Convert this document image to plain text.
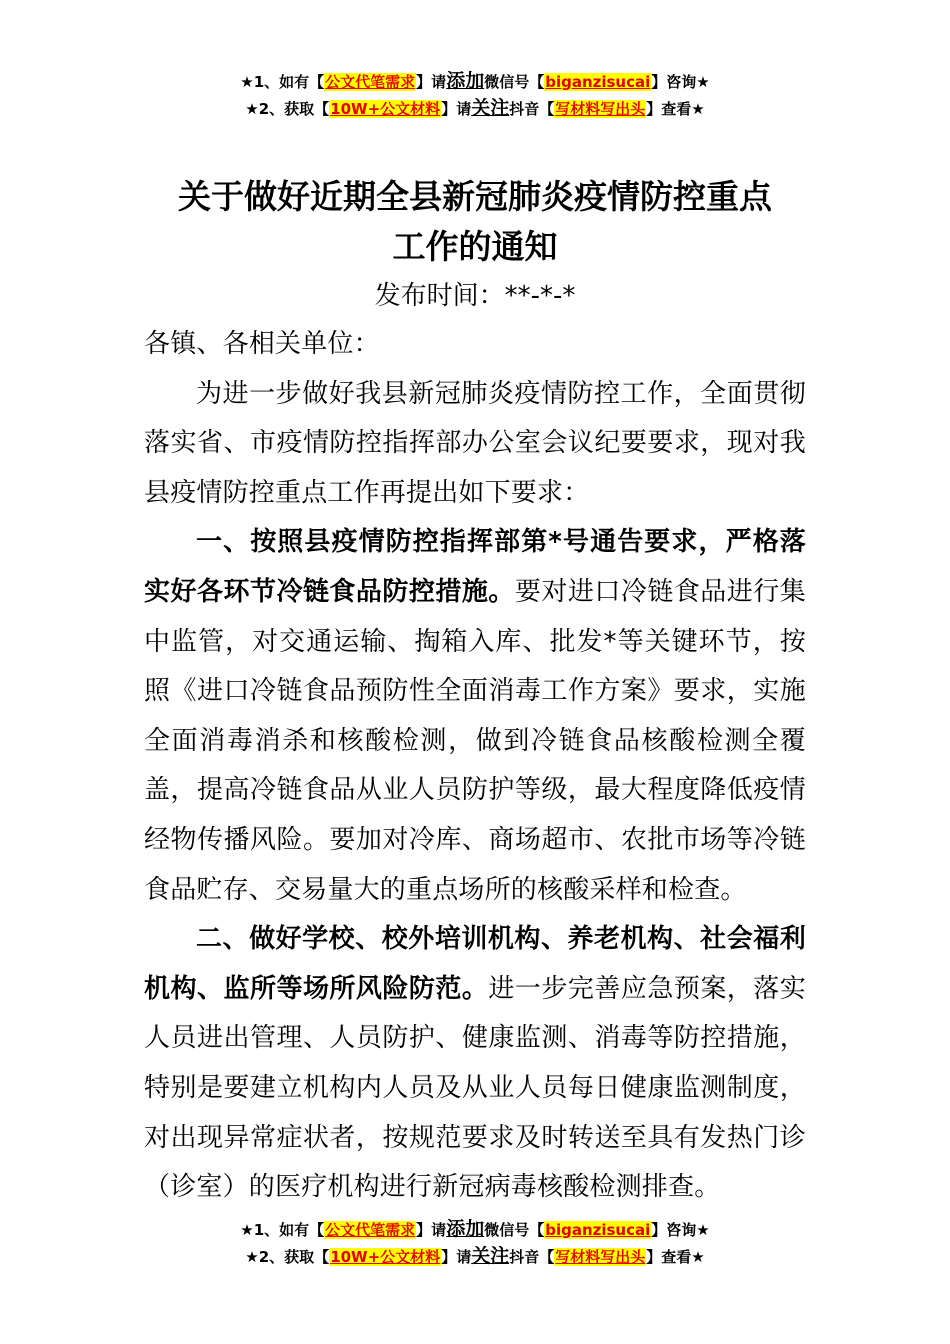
★1、如有【公文代笔需求】请添加微信号【biganzisucai】咨询★
★2、获取【10W+公文材料】请关注抖音【写材料写出头】查看★
关于做好近期全县新冠肺炎疫情防控重点
工作的通知
发布时间：**-*-*

各镇、各相关单位：

为进一步做好我县新冠肺炎疫情防控工作，全面贯彻落实省、市疫情防控指挥部办公室会议纪要要求，现对我县疫情防控重点工作再提出如下要求：

一、按照县疫情防控指挥部第*号通告要求，严格落实好各环节冷链食品防控措施。要对进口冷链食品进行集中监管，对交通运输、掏箱入库、批发*等关键环节，按照《进口冷链食品预防性全面消毒工作方案》要求，实施全面消毒消杀和核酸检测，做到冷链食品核酸检测全覆盖，提高冷链食品从业人员防护等级，最大程度降低疫情经物传播风险。要加对冷库、商场超市、农批市场等冷链食品贮存、交易量大的重点场所的核酸采样和检查。

二、做好学校、校外培训机构、养老机构、社会福利机构、监所等场所风险防范。进一步完善应急预案，落实人员进出管理、人员防护、健康监测、消毒等防控措施，特别是要建立机构内人员及从业人员每日健康监测制度，对出现异常症状者，按规范要求及时转送至具有发热门诊（诊室）的医疗机构进行新冠病毒核酸检测排查。

★1、如有【公文代笔需求】请添加微信号【biganzisucai】咨询★
★2、获取【10W+公文材料】请关注抖音【写材料写出头】查看★
